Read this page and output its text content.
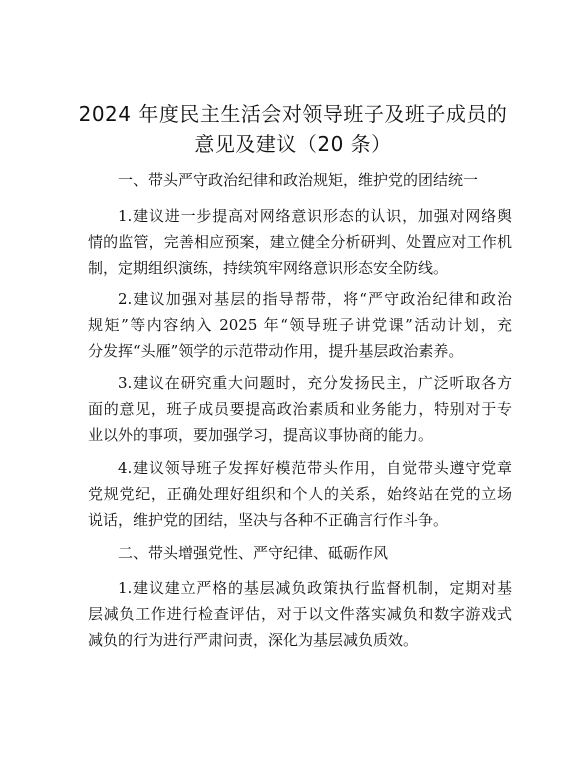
2024 年度民主生活会对领导班子及班子成员的
意见及建议（20 条）
一、带头严守政治纪律和政治规矩，维护党的团结统一
1.建议进一步提高对网络意识形态的认识，加强对网络舆
情的监管，完善相应预案，建立健全分析研判、处置应对工作机
制，定期组织演练，持续筑牢网络意识形态安全防线。
2.建议加强对基层的指导帮带，将“严守政治纪律和政治
规矩”等内容纳入 2025 年“领导班子讲党课”活动计划，充
分发挥“头雁”领学的示范带动作用，提升基层政治素养。
3.建议在研究重大问题时，充分发扬民主，广泛听取各方
面的意见，班子成员要提高政治素质和业务能力，特别对于专
业以外的事项，要加强学习，提高议事协商的能力。
4.建议领导班子发挥好模范带头作用，自觉带头遵守党章
党规党纪，正确处理好组织和个人的关系，始终站在党的立场
说话，维护党的团结，坚决与各种不正确言行作斗争。
二、带头增强党性、严守纪律、砥砺作风
1.建议建立严格的基层减负政策执行监督机制，定期对基
层减负工作进行检查评估，对于以文件落实减负和数字游戏式
减负的行为进行严肃问责，深化为基层减负质效。
